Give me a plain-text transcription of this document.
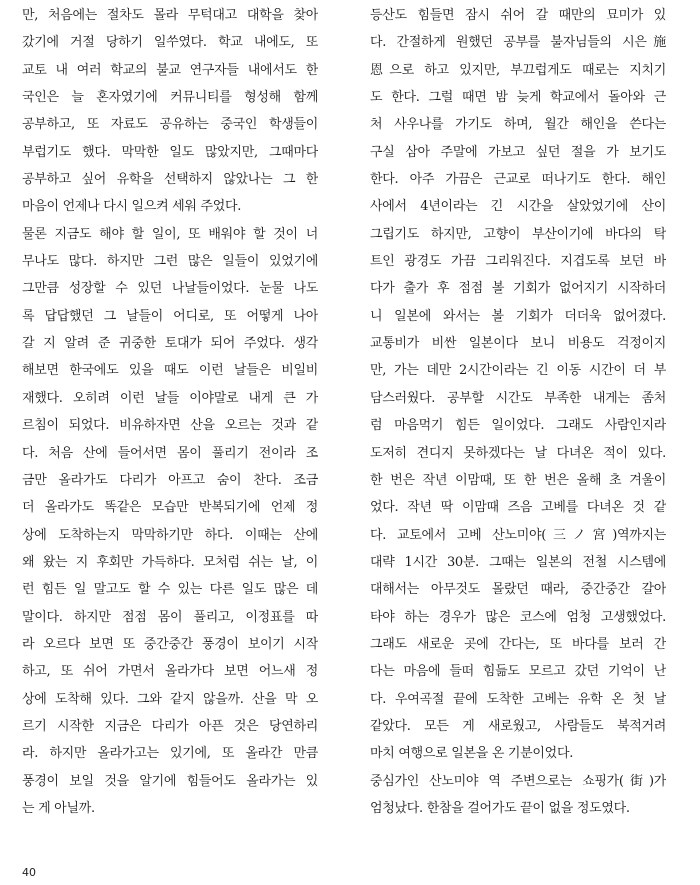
만, 처음에는 절차도 몰라 무턱대고 대학을 찾아
갔기에 거절 당하기 일쑤였다. 학교 내에도, 또
교토 내 여러 학교의 불교 연구자들 내에서도 한
국인은 늘 혼자였기에 커뮤니티를 형성해 함께
공부하고, 또 자료도 공유하는 중국인 학생들이
부럽기도 했다. 막막한 일도 많았지만, 그때마다
공부하고 싶어 유학을 선택하지 않았나는 그 한
마음이 언제나 다시 일으켜 세워 주었다.
물론 지금도 해야 할 일이, 또 배워야 할 것이 너
무나도 많다. 하지만 그런 많은 일들이 있었기에
그만큼 성장할 수 있던 나날들이었다. 눈물 나도
록 답답했던 그 날들이 어디로, 또 어떻게 나아
갈 지 알려 준 귀중한 토대가 되어 주었다. 생각
해보면 한국에도 있을 때도 이런 날들은 비일비
재했다. 오히려 이런 날들 이야말로 내게 큰 가
르침이 되었다. 비유하자면 산을 오르는 것과 같
다. 처음 산에 들어서면 몸이 풀리기 전이라 조
금만 올라가도 다리가 아프고 숨이 찬다. 조금
더 올라가도 똑같은 모습만 반복되기에 언제 정
상에 도착하는지 막막하기만 하다. 이때는 산에
왜 왔는 지 후회만 가득하다. 모처럼 쉬는 날, 이
런 힘든 일 말고도 할 수 있는 다른 일도 많은 데
말이다. 하지만 점점 몸이 풀리고, 이정표를 따
라 오르다 보면 또 중간중간 풍경이 보이기 시작
하고, 또 쉬어 가면서 올라가다 보면 어느새 정
상에 도착해 있다. 그와 같지 않을까. 산을 막 오
르기 시작한 지금은 다리가 아픈 것은 당연하리
라. 하지만 올라가고는 있기에, 또 올라간 만큼
풍경이 보일 것을 알기에 힘들어도 올라가는 있
는 게 아닐까.
등산도 힘들면 잠시 쉬어 갈 때만의 묘미가 있
다. 간절하게 원했던 공부를 불자님들의 시은施
恩으로 하고 있지만, 부끄럽게도 때로는 지치기
도 한다. 그럴 때면 밤 늦게 학교에서 돌아와 근
처 사우나를 가기도 하며, 월간 해인을 쓴다는
구실 삼아 주말에 가보고 싶던 절을 가 보기도
한다. 아주 가끔은 근교로 떠나기도 한다. 해인
사에서 4년이라는 긴 시간을 살았었기에 산이
그립기도 하지만, 고향이 부산이기에 바다의 탁
트인 광경도 가끔 그리워진다. 지겹도록 보던 바
다가 출가 후 점점 볼 기회가 없어지기 시작하더
니 일본에 와서는 볼 기회가 더더욱 없어졌다.
교통비가 비싼 일본이다 보니 비용도 걱정이지
만, 가는 데만 2시간이라는 긴 이동 시간이 더 부
담스러웠다. 공부할 시간도 부족한 내게는 좀처
럼 마음먹기 힘든 일이었다. 그래도 사람인지라
도저히 견디지 못하겠다는 날 다녀온 적이 있다.
한 번은 작년 이맘때, 또 한 번은 올해 초 겨울이
었다. 작년 딱 이맘때 즈음 고베를 다녀온 것 같
다. 교토에서 고베 산노미야(三ノ宮)역까지는
대략 1시간 30분. 그때는 일본의 전철 시스템에
대해서는 아무것도 몰랐던 때라, 중간중간 갈아
타야 하는 경우가 많은 코스에 엄청 고생했었다.
그래도 새로운 곳에 간다는, 또 바다를 보러 간
다는 마음에 들떠 힘듦도 모르고 갔던 기억이 난
다. 우여곡절 끝에 도착한 고베는 유학 온 첫 날
같았다. 모든 게 새로웠고, 사람들도 북적거려
마치 여행으로 일본을 온 기분이었다.
중심가인 산노미야 역 주변으로는 쇼핑가(街)가
엄청났다. 한참을 걸어가도 끝이 없을 정도였다.
40
